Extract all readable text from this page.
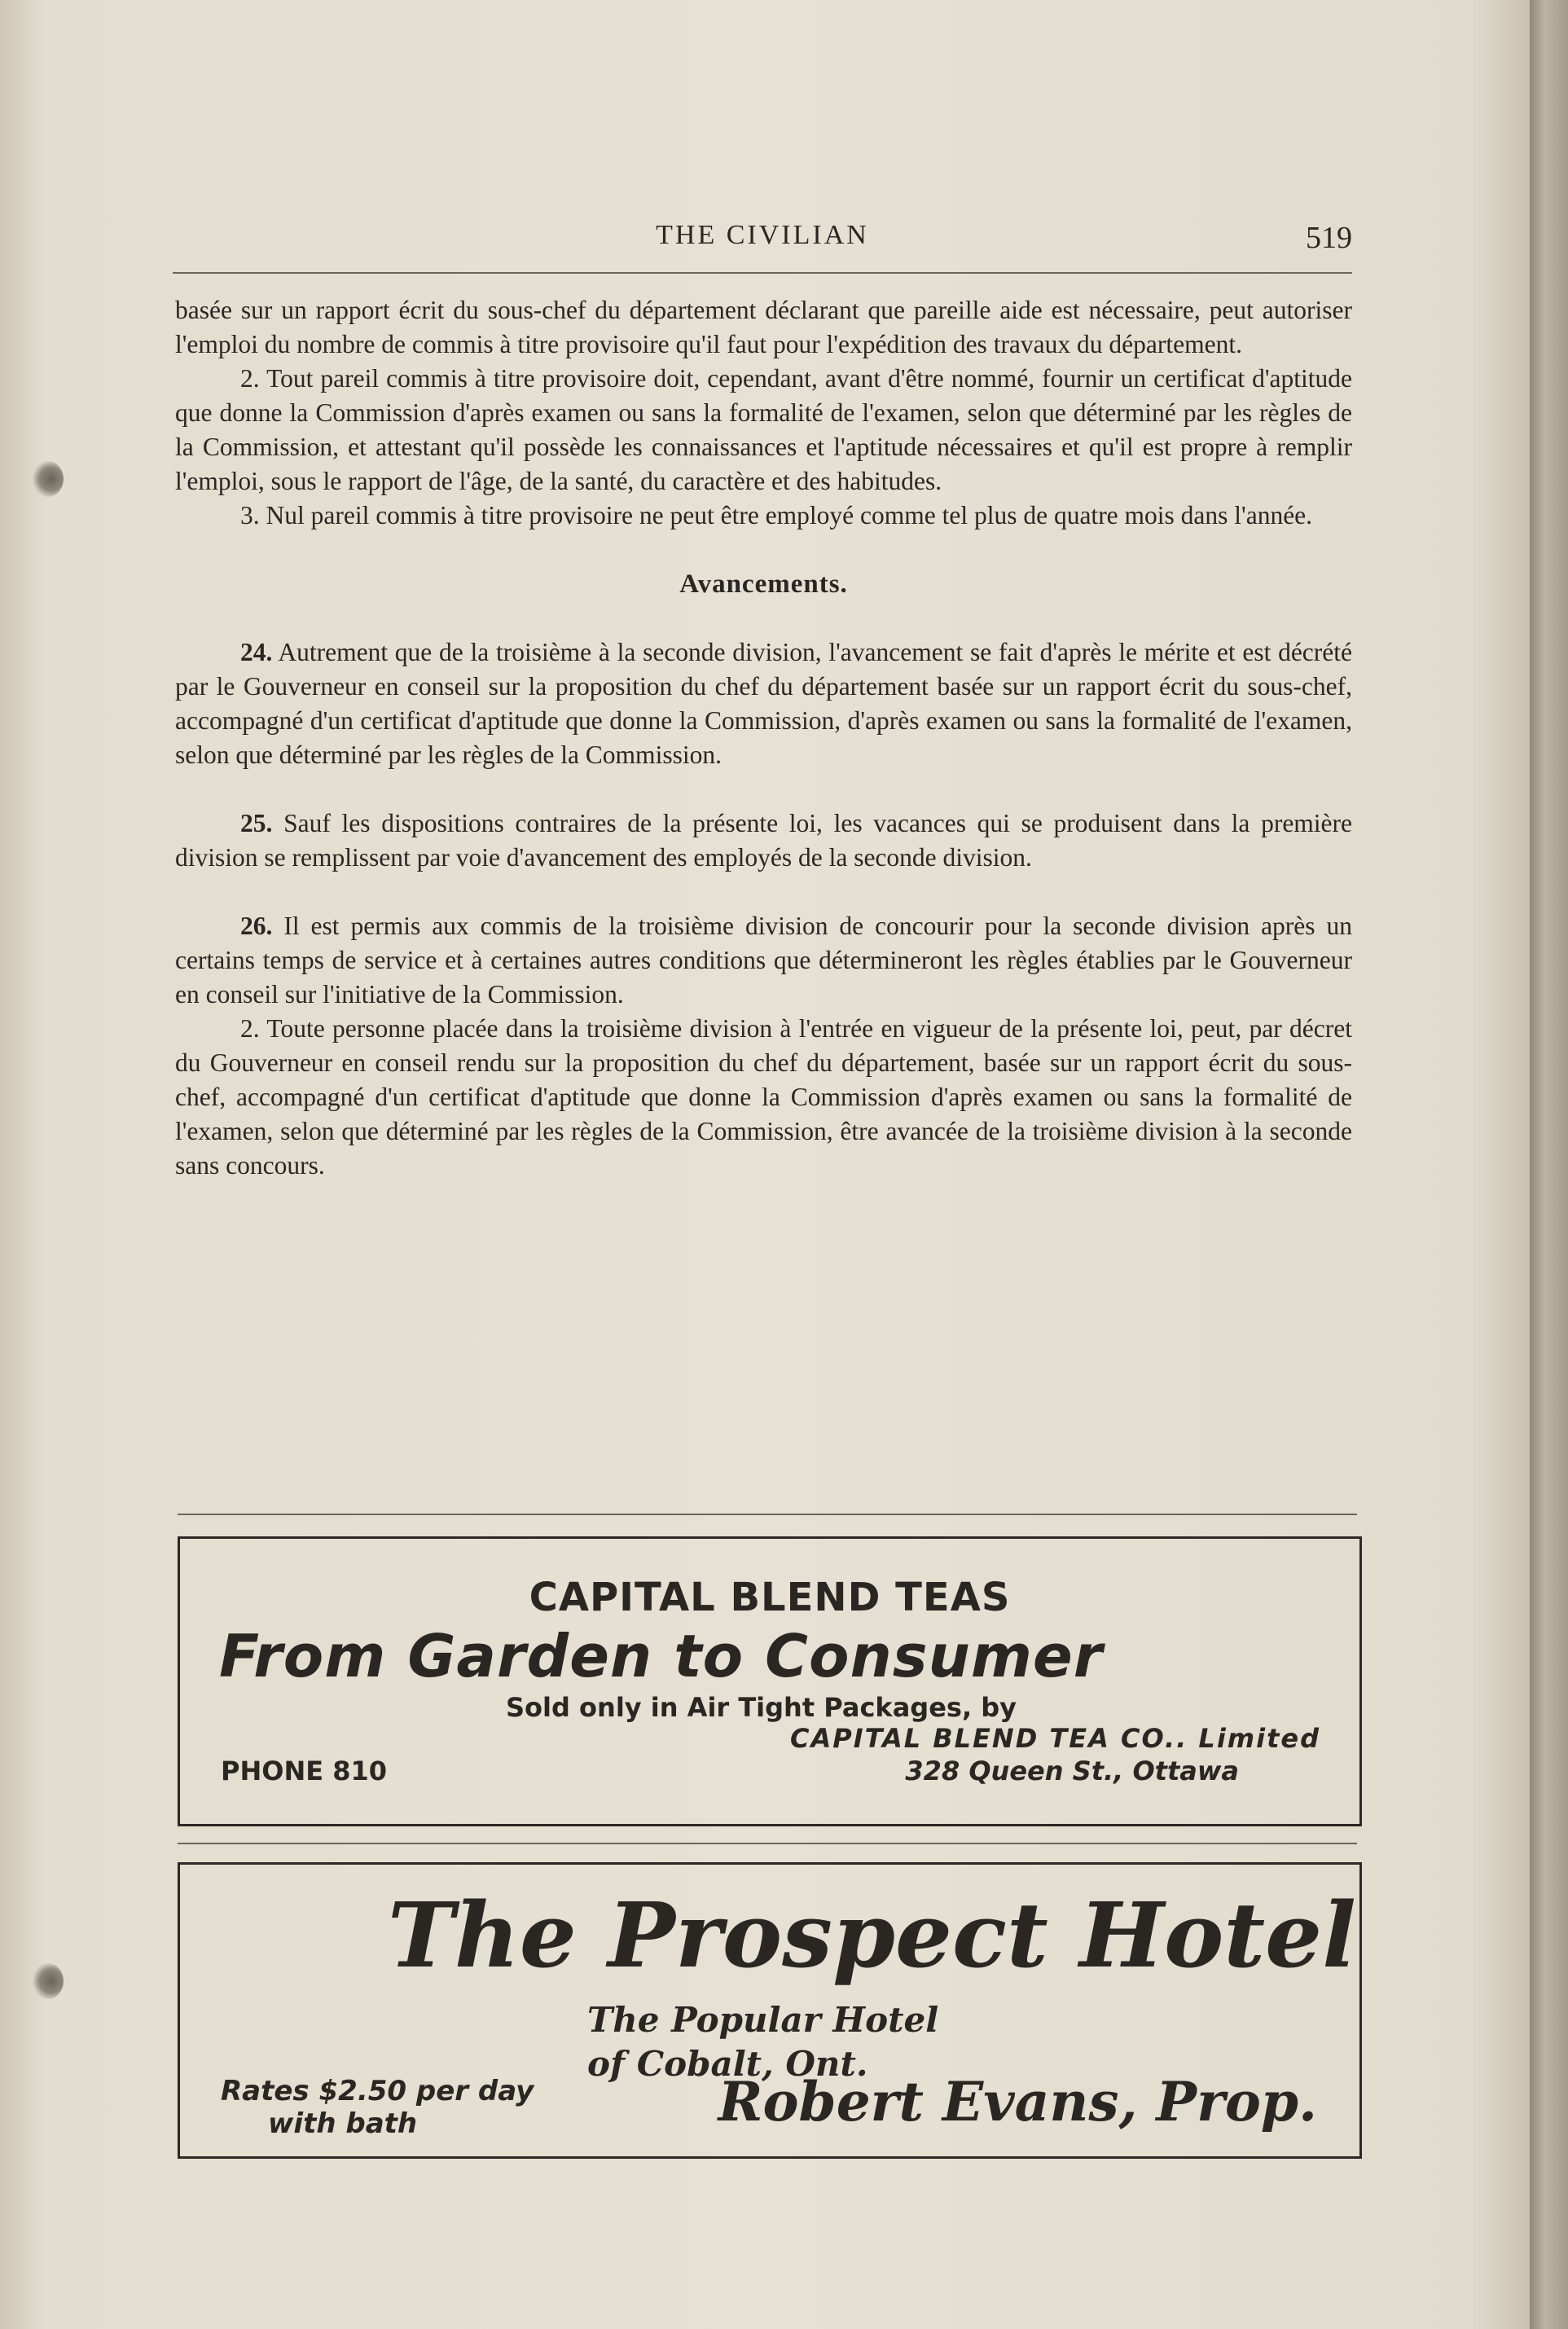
THE CIVILIAN	519

basée sur un rapport écrit du sous-chef du département déclarant que pareille aide est nécessaire, peut autoriser l'emploi du nombre de commis à titre provisoire qu'il faut pour l'expédition des travaux du département.

2. Tout pareil commis à titre provisoire doit, cependant, avant d'être nommé, fournir un certificat d'aptitude que donne la Commission d'après examen ou sans la formalité de l'examen, selon que déterminé par les règles de la Commission, et attestant qu'il possède les connaissances et l'aptitude nécessaires et qu'il est propre à remplir l'emploi, sous le rapport de l'âge, de la santé, du caractère et des habitudes.

3. Nul pareil commis à titre provisoire ne peut être employé comme tel plus de quatre mois dans l'année.

Avancements.

24. Autrement que de la troisième à la seconde division, l'avancement se fait d'après le mérite et est décrété par le Gouverneur en conseil sur la proposition du chef du département basée sur un rapport écrit du sous-chef, accompagné d'un certificat d'aptitude que donne la Commission, d'après examen ou sans la formalité de l'examen, selon que déterminé par les règles de la Commission.

25. Sauf les dispositions contraires de la présente loi, les vacances qui se produisent dans la première division se remplissent par voie d'avancement des employés de la seconde division.

26. Il est permis aux commis de la troisième division de concourir pour la seconde division après un certains temps de service et à certaines autres conditions que détermineront les règles établies par le Gouverneur en conseil sur l'initiative de la Commission.

2. Toute personne placée dans la troisième division à l'entrée en vigueur de la présente loi, peut, par décret du Gouverneur en conseil rendu sur la proposition du chef du département, basée sur un rapport écrit du sous-chef, accompagné d'un certificat d'aptitude que donne la Commission d'après examen ou sans la formalité de l'examen, selon que déterminé par les règles de la Commission, être avancée de la troisième division à la seconde sans concours.

CAPITAL BLEND TEAS
From Garden to Consumer
Sold only in Air Tight Packages, by
CAPITAL BLEND TEA CO.. Limited
PHONE 810	328 Queen St., Ottawa
The Prospect Hotel
The Popular Hotel
of Cobalt, Ont.
Rates $2.50 per day
with bath	Robert Evans, Prop.
